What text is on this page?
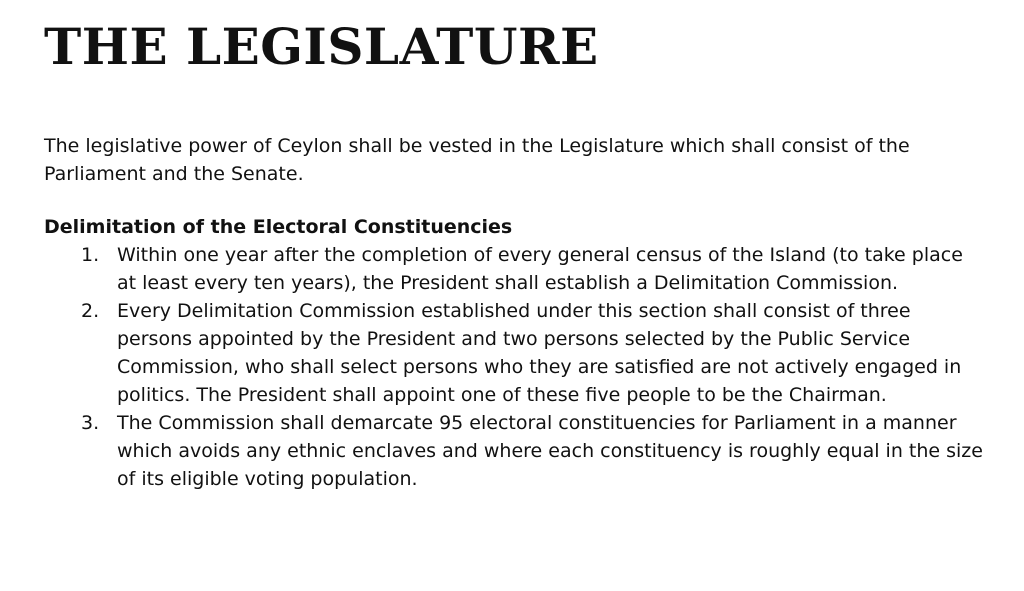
THE LEGISLATURE

The legislative power of Ceylon shall be vested in the Legislature which shall consist of the Parliament and the Senate.

Delimitation of the Electoral Constituencies
1. Within one year after the completion of every general census of the Island (to take place at least every ten years), the President shall establish a Delimitation Commission.
2. Every Delimitation Commission established under this section shall consist of three persons appointed by the President and two persons selected by the Public Service Commission, who shall select persons who they are satisfied are not actively engaged in politics. The President shall appoint one of these five people to be the Chairman.
3. The Commission shall demarcate 95 electoral constituencies for Parliament in a manner which avoids any ethnic enclaves and where each constituency is roughly equal in the size of its eligible voting population.
